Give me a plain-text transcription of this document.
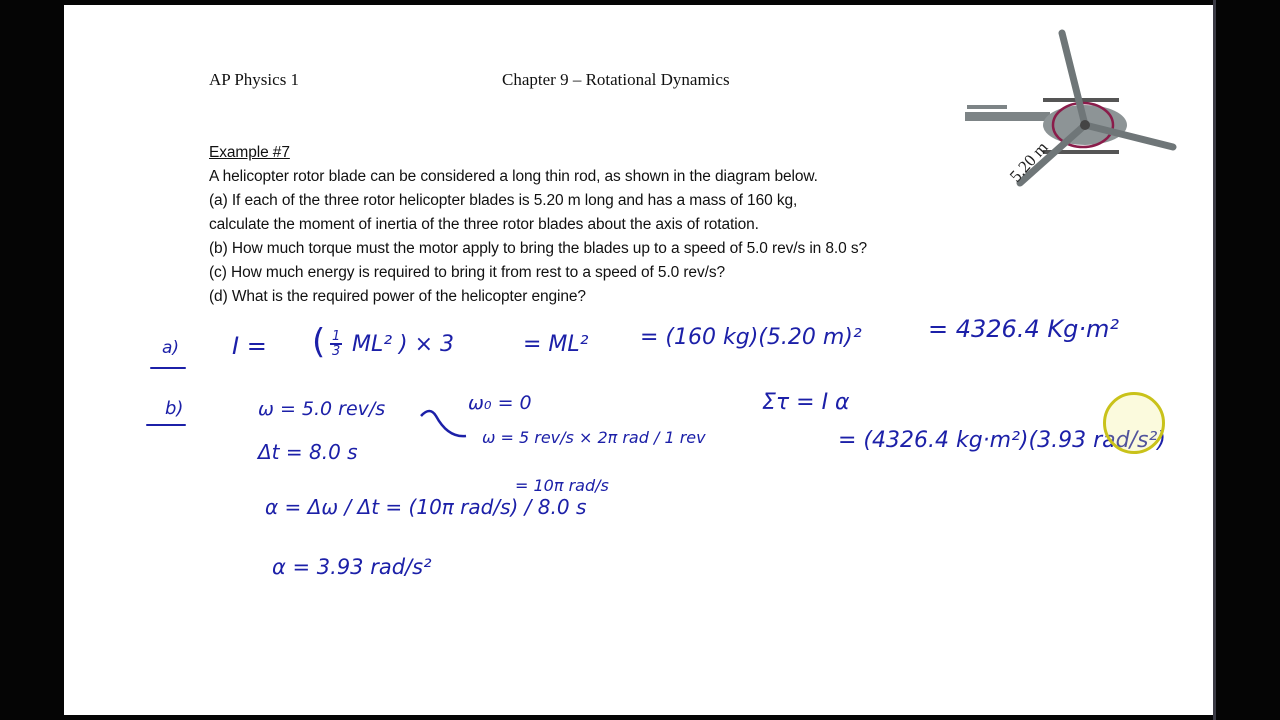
AP Physics 1	Chapter 9 – Rotational Dynamics
Example #7
A helicopter rotor blade can be considered a long thin rod, as shown in the diagram below.
(a) If each of the three rotor helicopter blades is 5.20 m long and has a mass of 160 kg,
calculate the moment of inertia of the three rotor blades about the axis of rotation.
(b) How much torque must the motor apply to bring the blades up to a speed of 5.0 rev/s in 8.0 s?
(c) How much energy is required to bring it from rest to a speed of 5.0 rev/s?
(d) What is the required power of the helicopter engine?
5.20 m
a) I = ( $\frac{1}{3} ML^2$ ) × 3	= ML² = (160 kg)(5.20 m)²	= 4326.4 Kg·m²
b)	ω = 5.0 rev/s	ω₀ = 0
Δt = 8.0 s
ω = 5 rev/s × 2π rad / 1 rev
= 10π rad/s
α = Δω / Δt = (10π rad/s) / 8.0 s
α = 3.93 rad/s²
Στ = I α
= (4326.4 kg·m²)(3.93 rad/s²)
